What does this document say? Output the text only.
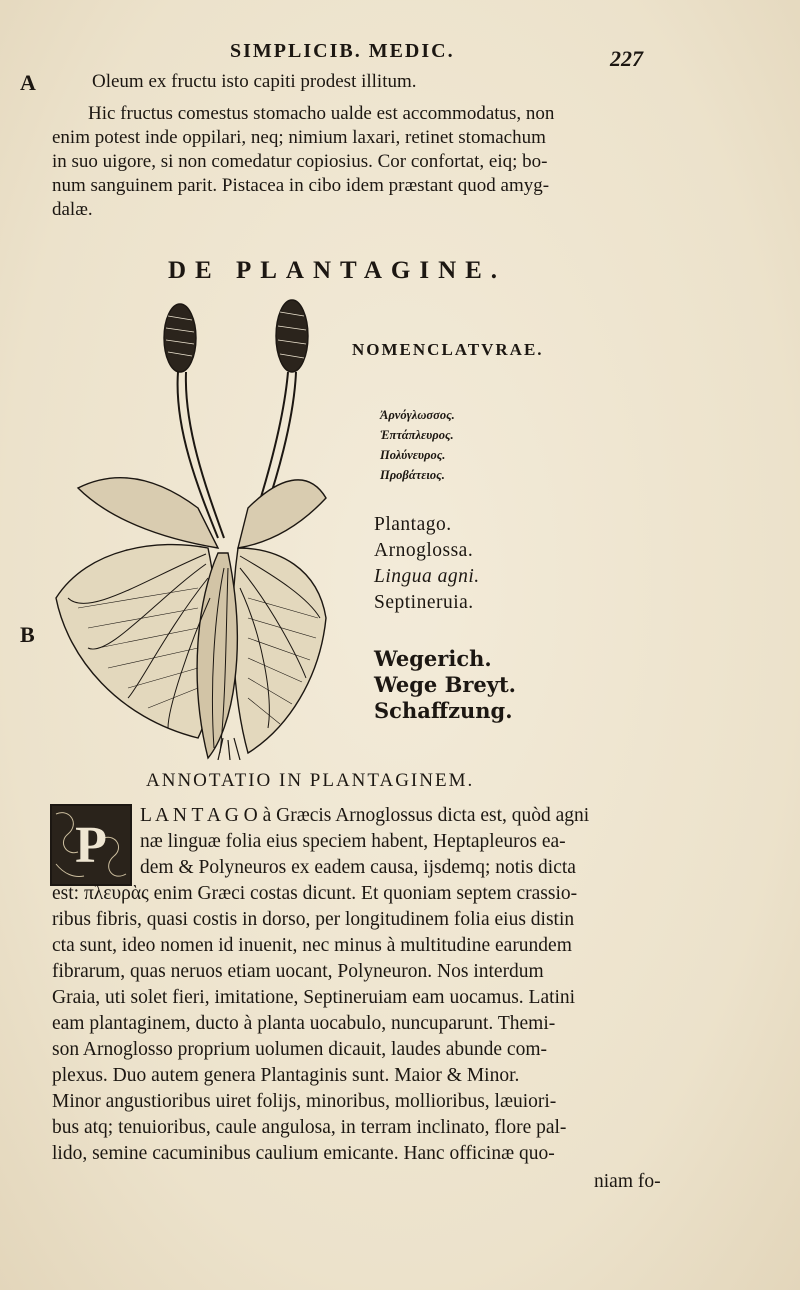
SIMPLICIB. MEDIC.	227
A
B

Oleum ex fructu isto capiti prodest illitum.

Hic fructus comestus stomacho ualde est accommodatus, non

enim potest inde oppilari, neq; nimium laxari, retinet stomachum

in suo uigore, si non comedatur copiosius. Cor confortat, eiq; bo-

num sanguinem parit. Pistacea in cibo idem præstant quod amyg-

dalæ.

DE PLANTAGINE.
NOMENCLATVRAE.
Ἀρνόγλωσσος.
Ἑπτάπλευρος.
Πολύνευρος.
Προβάτειος.
Plantago.
Arnoglossa.
Lingua agni.
Septineruia.
Wegerich.
Wege Breyt.
Schaffzung.
ANNOTATIO IN PLANTAGINEM.
P
L A N T A G O à Græcis Arnoglossus dicta est, quòd agni
næ linguæ folia eius speciem habent, Heptapleuros ea-
dem & Polyneuros ex eadem causa, ijsdemq; notis dicta
est: πλευρὰς enim Græci costas dicunt. Et quoniam septem crassio-
ribus fibris, quasi costis in dorso, per longitudinem folia eius distin
cta sunt, ideo nomen id inuenit, nec minus à multitudine earundem
fibrarum, quas neruos etiam uocant, Polyneuron. Nos interdum
Graia, uti solet fieri, imitatione, Septineruiam eam uocamus. Latini
eam plantaginem, ducto à planta uocabulo, nuncuparunt. Themi-
son Arnoglosso proprium uolumen dicauit, laudes abunde com-
plexus. Duo autem genera Plantaginis sunt. Maior & Minor.
Minor angustioribus uiret folijs, minoribus, mollioribus, læuiori-
bus atq; tenuioribus, caule angulosa, in terram inclinato, flore pal-
lido, semine cacuminibus caulium emicante. Hanc officinæ quo-
niam fo-
